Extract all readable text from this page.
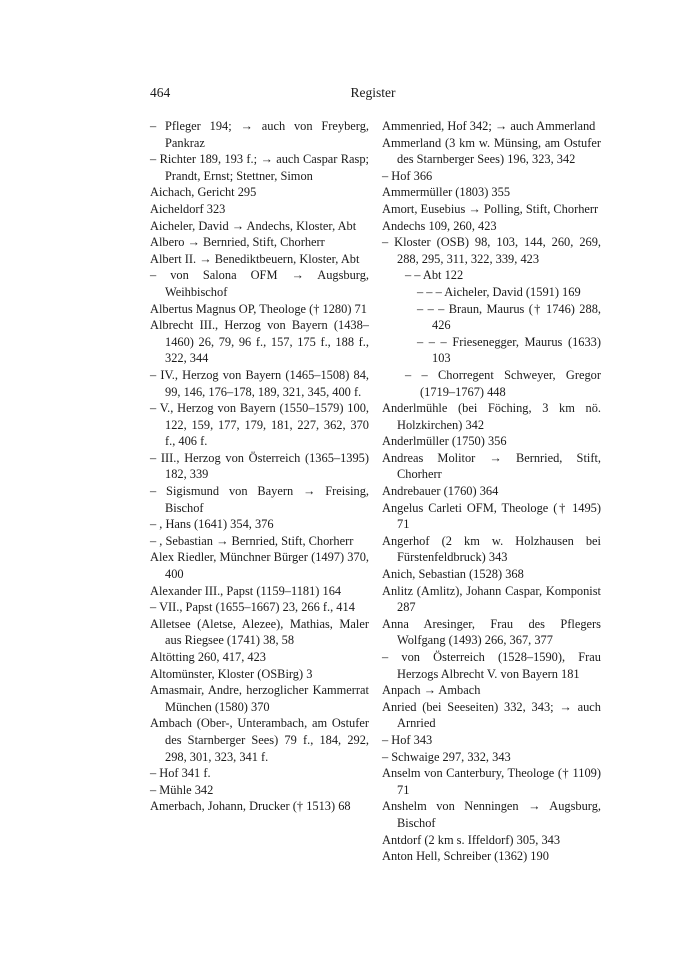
Register
464

– Pfleger 194; → auch von Freyberg, Pankraz

– Richter 189, 193 f.; → auch Caspar Rasp; Prandt, Ernst; Stettner, Simon

Aichach, Gericht 295

Aicheldorf 323

Aicheler, David → Andechs, Kloster, Abt

Albero → Bernried, Stift, Chorherr

Albert II. → Benediktbeuern, Kloster, Abt

– von Salona OFM → Augsburg, Weihbischof

Albertus Magnus OP, Theologe († 1280) 71

Albrecht III., Herzog von Bayern (1438–1460) 26, 79, 96 f., 157, 175 f., 188 f., 322, 344

– IV., Herzog von Bayern (1465–1508) 84, 99, 146, 176–178, 189, 321, 345, 400 f.

– V., Herzog von Bayern (1550–1579) 100, 122, 159, 177, 179, 181, 227, 362, 370 f., 406 f.

– III., Herzog von Österreich (1365–1395) 182, 339

– Sigismund von Bayern → Freising, Bischof

– , Hans (1641) 354, 376

– , Sebastian → Bernried, Stift, Chorherr

Alex Riedler, Münchner Bürger (1497) 370, 400

Alexander III., Papst (1159–1181) 164

– VII., Papst (1655–1667) 23, 266 f., 414

Alletsee (Aletse, Alezee), Mathias, Maler aus Riegsee (1741) 38, 58

Altötting 260, 417, 423

Altomünster, Kloster (OSBirg) 3

Amasmair, Andre, herzoglicher Kammerrat München (1580) 370

Ambach (Ober-, Unterambach, am Ostufer des Starnberger Sees) 79 f., 184, 292, 298, 301, 323, 341 f.

– Hof 341 f.

– Mühle 342

Amerbach, Johann, Drucker († 1513) 68

Ammenried, Hof 342; → auch Ammerland

Ammerland (3 km w. Münsing, am Ostufer des Starnberger Sees) 196, 323, 342

– Hof 366

Ammermüller (1803) 355

Amort, Eusebius → Polling, Stift, Chorherr

Andechs 109, 260, 423

– Kloster (OSB) 98, 103, 144, 260, 269, 288, 295, 311, 322, 339, 423

– – Abt 122

– – – Aicheler, David (1591) 169

– – – Braun, Maurus († 1746) 288, 426

– – – Friesenegger, Maurus (1633) 103

– – Chorregent Schweyer, Gregor (1719–1767) 448

Anderlmühle (bei Föching, 3 km nö. Holzkirchen) 342

Anderlmüller (1750) 356

Andreas Molitor → Bernried, Stift, Chorherr

Andrebauer (1760) 364

Angelus Carleti OFM, Theologe († 1495) 71

Angerhof (2 km w. Holzhausen bei Fürstenfeldbruck) 343

Anich, Sebastian (1528) 368

Anlitz (Amlitz), Johann Caspar, Komponist 287

Anna Aresinger, Frau des Pflegers Wolfgang (1493) 266, 367, 377

– von Österreich (1528–1590), Frau Herzogs Albrecht V. von Bayern 181

Anpach → Ambach

Anried (bei Seeseiten) 332, 343; → auch Arnried

– Hof 343

– Schwaige 297, 332, 343

Anselm von Canterbury, Theologe († 1109) 71

Anshelm von Nenningen → Augsburg, Bischof

Antdorf (2 km s. Iffeldorf) 305, 343

Anton Hell, Schreiber (1362) 190
